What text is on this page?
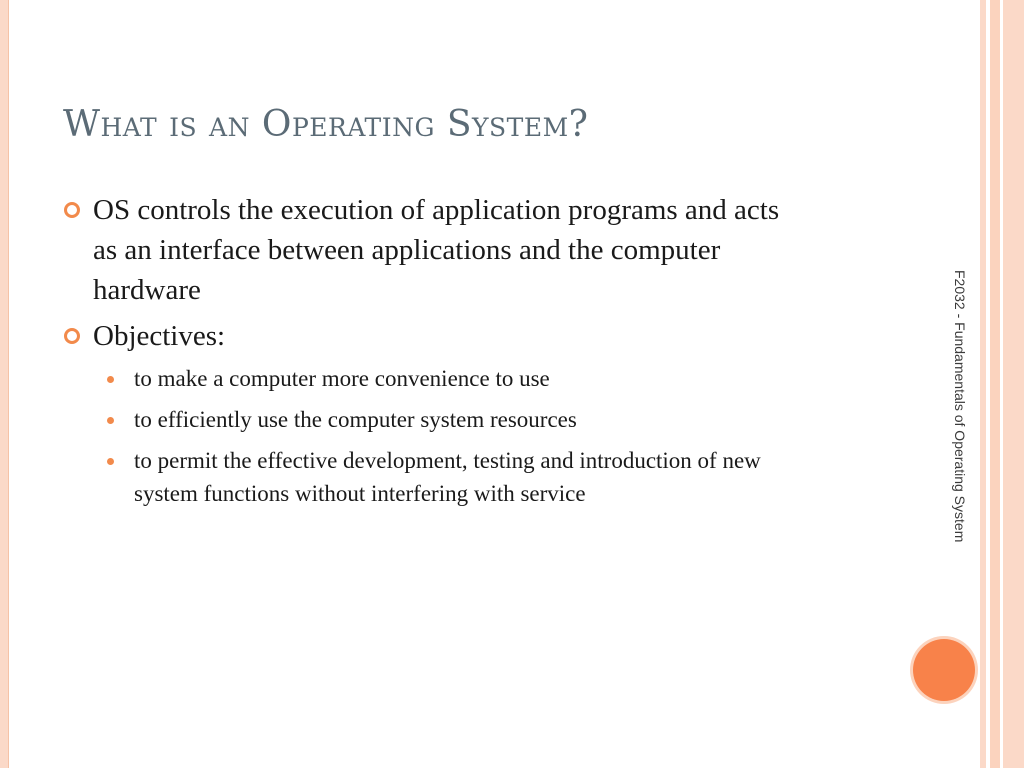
What is an Operating System?
OS controls the execution of application programs and acts as an interface between applications and the computer hardware
Objectives:
to make a computer more convenience to use
to efficiently use the computer system resources
to permit the effective development, testing and introduction of new system functions without interfering with service	F2032 - Fundamentals of Operating System
